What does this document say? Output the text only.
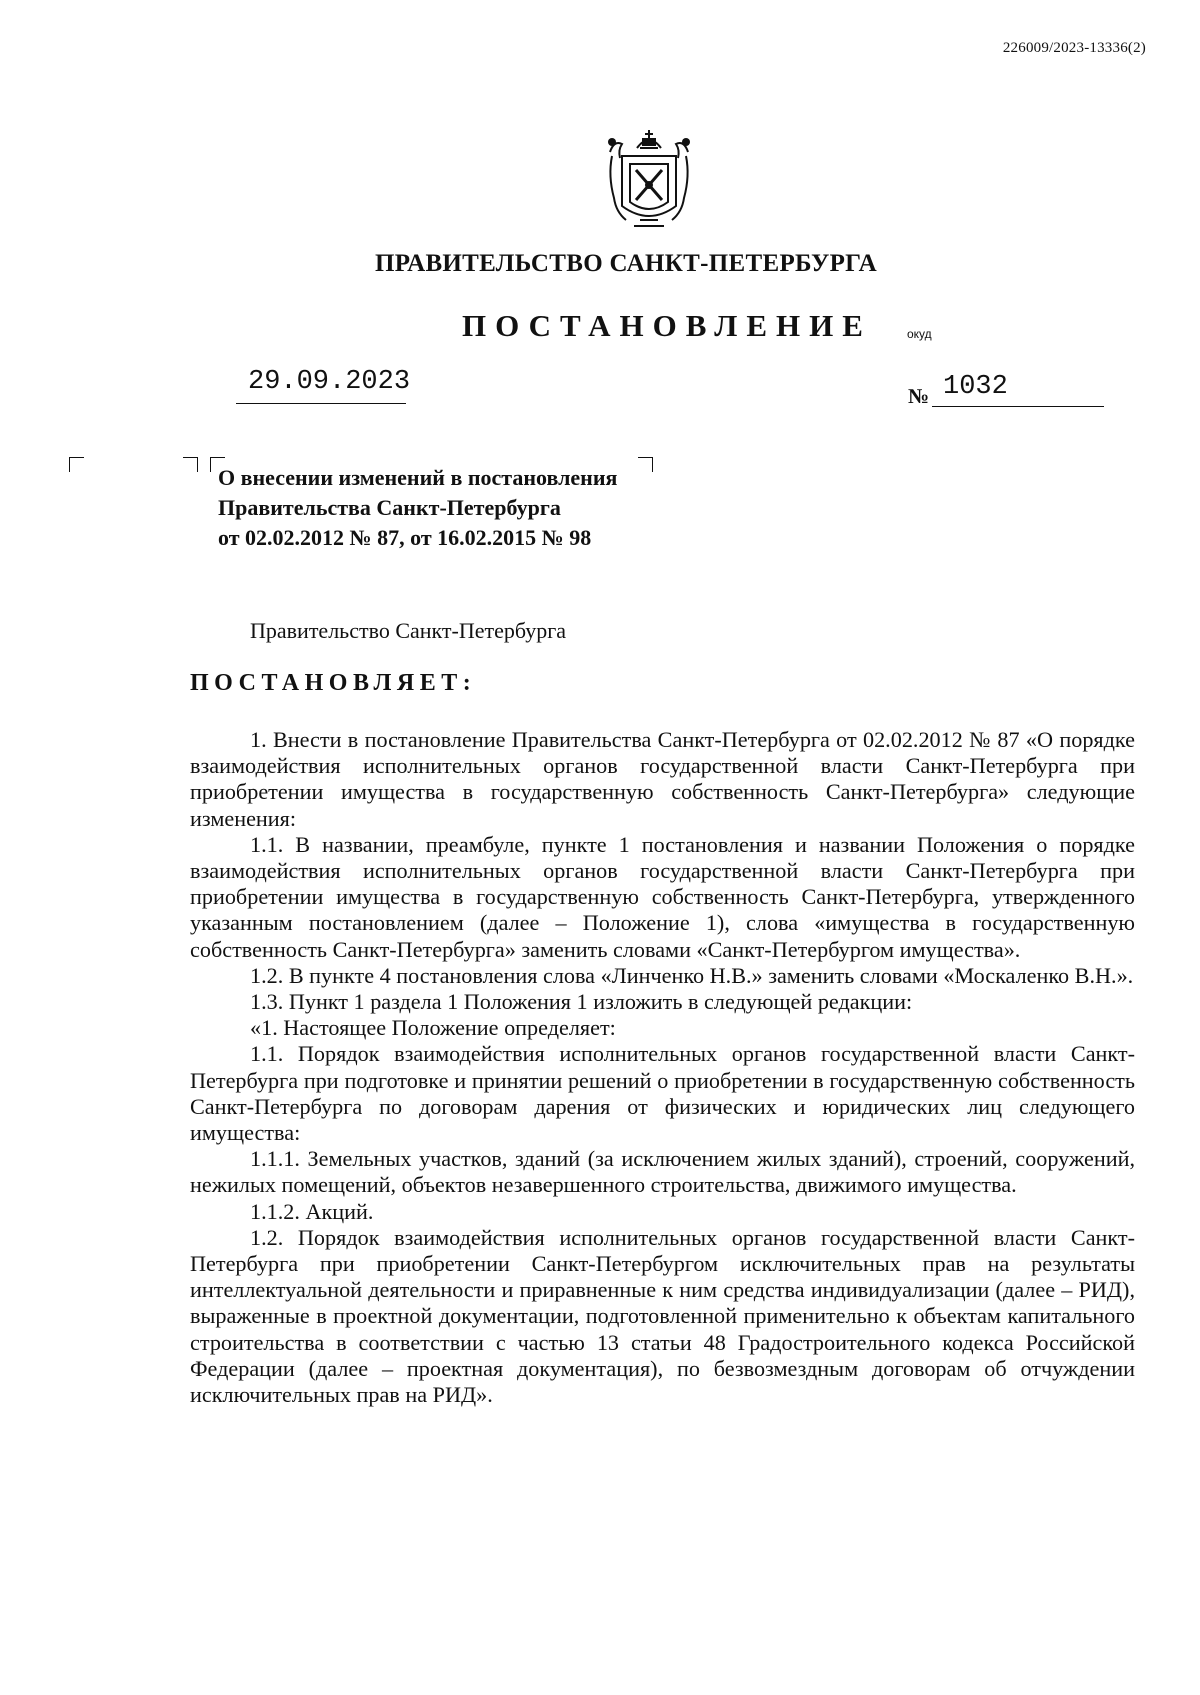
226009/2023-13336(2)
ПРАВИТЕЛЬСТВО САНКТ-ПЕТЕРБУРГА
ПОСТАНОВЛЕНИЕ	окуд
29.09.2023	№ 1032
О внесении изменений в постановления
Правительства Санкт-Петербурга
от 02.02.2012 № 87, от 16.02.2015 № 98
Правительство Санкт-Петербурга
ПОСТАНОВЛЯЕТ:

1. Внести в постановление Правительства Санкт-Петербурга от 02.02.2012 № 87 «О порядке взаимодействия исполнительных органов государственной власти Санкт-Петербурга при приобретении имущества в государственную собственность Санкт-Петербурга» следующие изменения:

1.1. В названии, преамбуле, пункте 1 постановления и названии Положения о порядке взаимодействия исполнительных органов государственной власти Санкт-Петербурга при приобретении имущества в государственную собственность Санкт-Петербурга, утвержденного указанным постановлением (далее – Положение 1), слова «имущества в государственную собственность Санкт-Петербурга» заменить словами «Санкт-Петербургом имущества».

1.2. В пункте 4 постановления слова «Линченко Н.В.» заменить словами «Москаленко В.Н.».

1.3. Пункт 1 раздела 1 Положения 1 изложить в следующей редакции:

«1. Настоящее Положение определяет:

1.1. Порядок взаимодействия исполнительных органов государственной власти Санкт-Петербурга при подготовке и принятии решений о приобретении в государственную собственность Санкт-Петербурга по договорам дарения от физических и юридических лиц следующего имущества:

1.1.1. Земельных участков, зданий (за исключением жилых зданий), строений, сооружений, нежилых помещений, объектов незавершенного строительства, движимого имущества.

1.1.2. Акций.

1.2. Порядок взаимодействия исполнительных органов государственной власти Санкт-Петербурга при приобретении Санкт-Петербургом исключительных прав на результаты интеллектуальной деятельности и приравненные к ним средства индивидуализации (далее – РИД), выраженные в проектной документации, подготовленной применительно к объектам капитального строительства в соответствии с частью 13 статьи 48 Градостроительного кодекса Российской Федерации (далее – проектная документация), по безвозмездным договорам об отчуждении исключительных прав на РИД».
